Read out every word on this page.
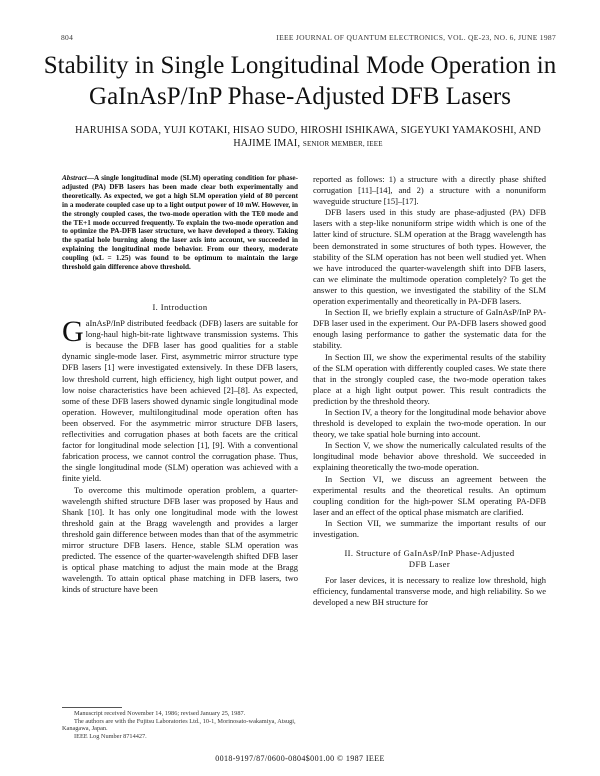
804	IEEE JOURNAL OF QUANTUM ELECTRONICS, VOL. QE-23, NO. 6, JUNE 1987
Stability in Single Longitudinal Mode Operation in GaInAsP/InP Phase-Adjusted DFB Lasers
HARUHISA SODA, YUJI KOTAKI, HISAO SUDO, HIROSHI ISHIKAWA, SIGEYUKI YAMAKOSHI, AND HAJIME IMAI, SENIOR MEMBER, IEEE
Abstract—A single longitudinal mode (SLM) operating condition for phase-adjusted (PA) DFB lasers has been made clear both experimentally and theoretically. As expected, we got a high SLM operation yield of 80 percent in a moderate coupled case up to a light output power of 10 mW. However, in the strongly coupled cases, the two-mode operation with the TE0 mode and the TE+1 mode occurred frequently. To explain the two-mode operation and to optimize the PA-DFB laser structure, we have developed a theory. Taking the spatial hole burning along the laser axis into account, we succeeded in explaining the longitudinal mode behavior. From our theory, moderate coupling (κL = 1.25) was found to be optimum to maintain the large threshold gain difference above threshold.

I. Introduction

GaInAsP/InP distributed feedback (DFB) lasers are suitable for long-haul high-bit-rate lightwave transmission systems. This is because the DFB laser has good qualities for a stable dynamic single-mode laser. First, asymmetric mirror structure type DFB lasers [1] were investigated extensively. In these DFB lasers, low threshold current, high efficiency, high light output power, and low noise characteristics have been achieved [2]–[8]. As expected, some of these DFB lasers showed dynamic single longitudinal mode operation. However, multilongitudinal mode operation often has been observed. For the asymmetric mirror structure DFB lasers, reflectivities and corrugation phases at both facets are the critical factor for longitudinal mode selection [1], [9]. With a conventional fabrication process, we cannot control the corrugation phase. Thus, the single longitudinal mode (SLM) operation was achieved with a finite yield.

To overcome this multimode operation problem, a quarter-wavelength shifted structure DFB laser was proposed by Haus and Shank [10]. It has only one longitudinal mode with the lowest threshold gain at the Bragg wavelength and provides a larger threshold gain difference between modes than that of the asymmetric mirror structure DFB lasers. Hence, stable SLM operation was predicted. The essence of the quarter-wavelength shifted DFB laser is optical phase matching to adjust the main mode at the Bragg wavelength. To attain optical phase matching in DFB lasers, two kinds of structure have been

Manuscript received November 14, 1986; revised January 25, 1987.

The authors are with the Fujitsu Laboratories Ltd., 10-1, Morinosato-wakamiya, Atsugi, Kanagawa, Japan.

IEEE Log Number 8714427.

reported as follows: 1) a structure with a directly phase shifted corrugation [11]–[14], and 2) a structure with a nonuniform waveguide structure [15]–[17].

DFB lasers used in this study are phase-adjusted (PA) DFB lasers with a step-like nonuniform stripe width which is one of the latter kind of structure. SLM operation at the Bragg wavelength has been demonstrated in some structures of both types. However, the stability of the SLM operation has not been well studied yet. When we have introduced the quarter-wavelength shift into DFB lasers, can we eliminate the multimode operation completely? To get the answer to this question, we investigated the stability of the SLM operation experimentally and theoretically in PA-DFB lasers.

In Section II, we briefly explain a structure of GaInAsP/InP PA-DFB laser used in the experiment. Our PA-DFB lasers showed good enough lasing performance to gather the systematic data for the stability.

In Section III, we show the experimental results of the stability of the SLM operation with differently coupled cases. We state there that in the strongly coupled case, the two-mode operation takes place at a high light output power. This result contradicts the prediction by the threshold theory.

In Section IV, a theory for the longitudinal mode behavior above threshold is developed to explain the two-mode operation. In our theory, we take spatial hole burning into account.

In Section V, we show the numerically calculated results of the longitudinal mode behavior above threshold. We succeeded in explaining theoretically the two-mode operation.

In Section VI, we discuss an agreement between the experimental results and the theoretical results. An optimum coupling condition for the high-power SLM operating PA-DFB laser and an effect of the optical phase mismatch are clarified.

In Section VII, we summarize the important results of our investigation.

II. Structure of GaInAsP/InP Phase-Adjusted

DFB Laser

For laser devices, it is necessary to realize low threshold, high efficiency, fundamental transverse mode, and high reliability. So we developed a new BH structure for

0018-9197/87/0600-0804$001.00 © 1987 IEEE
